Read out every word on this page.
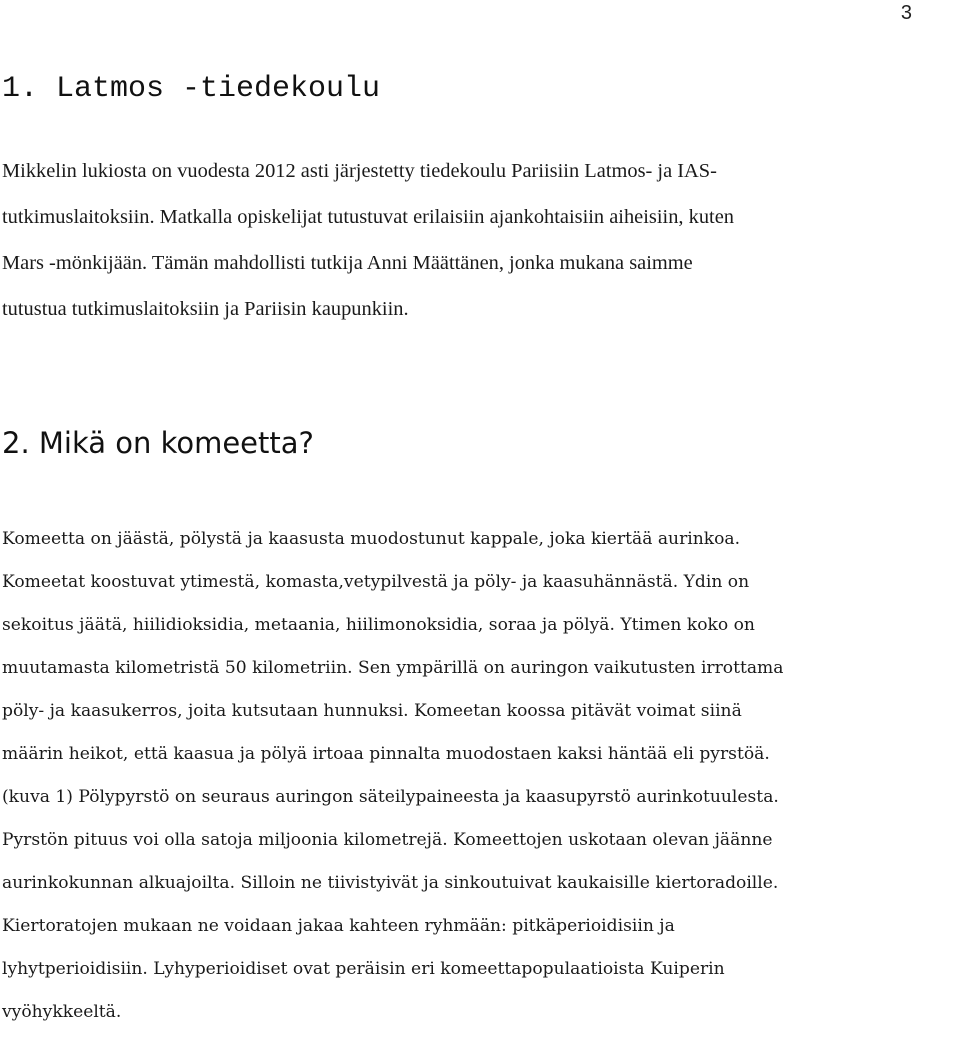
3
1. Latmos -tiedekoulu
Mikkelin lukiosta on vuodesta 2012 asti järjestetty tiedekoulu Pariisiin Latmos- ja IAS-
tutkimuslaitoksiin. Matkalla opiskelijat tutustuvat erilaisiin ajankohtaisiin aiheisiin, kuten
Mars -mönkijään. Tämän mahdollisti tutkija Anni Määttänen, jonka mukana saimme
tutustua tutkimuslaitoksiin ja Pariisin kaupunkiin.
2. Mikä on komeetta?
Komeetta on jäästä, pölystä ja kaasusta muodostunut kappale, joka kiertää aurinkoa.
Komeetat koostuvat ytimestä, komasta,vetypilvestä ja pöly- ja kaasuhännästä. Ydin on
sekoitus jäätä, hiilidioksidia, metaania, hiilimonoksidia, soraa ja pölyä. Ytimen koko on
muutamasta kilometristä 50 kilometriin. Sen ympärillä on auringon vaikutusten irrottama
pöly- ja kaasukerros, joita kutsutaan hunnuksi. Komeetan koossa pitävät voimat siinä
määrin heikot, että kaasua ja pölyä irtoaa pinnalta muodostaen kaksi häntää eli pyrstöä.
(kuva 1) Pölypyrstö on seuraus auringon säteilypaineesta ja kaasupyrstö aurinkotuulesta.
Pyrstön pituus voi olla satoja miljoonia kilometrejä. Komeettojen uskotaan olevan jäänne
aurinkokunnan alkuajoilta. Silloin ne tiivistyivät ja sinkoutuivat kaukaisille kiertoradoille.
Kiertoratojen mukaan ne voidaan jakaa kahteen ryhmään: pitkäperioidisiin ja
lyhytperioidisiin. Lyhyperioidiset ovat peräisin eri komeettapopulaatioista Kuiperin
vyöhykkeeltä.
